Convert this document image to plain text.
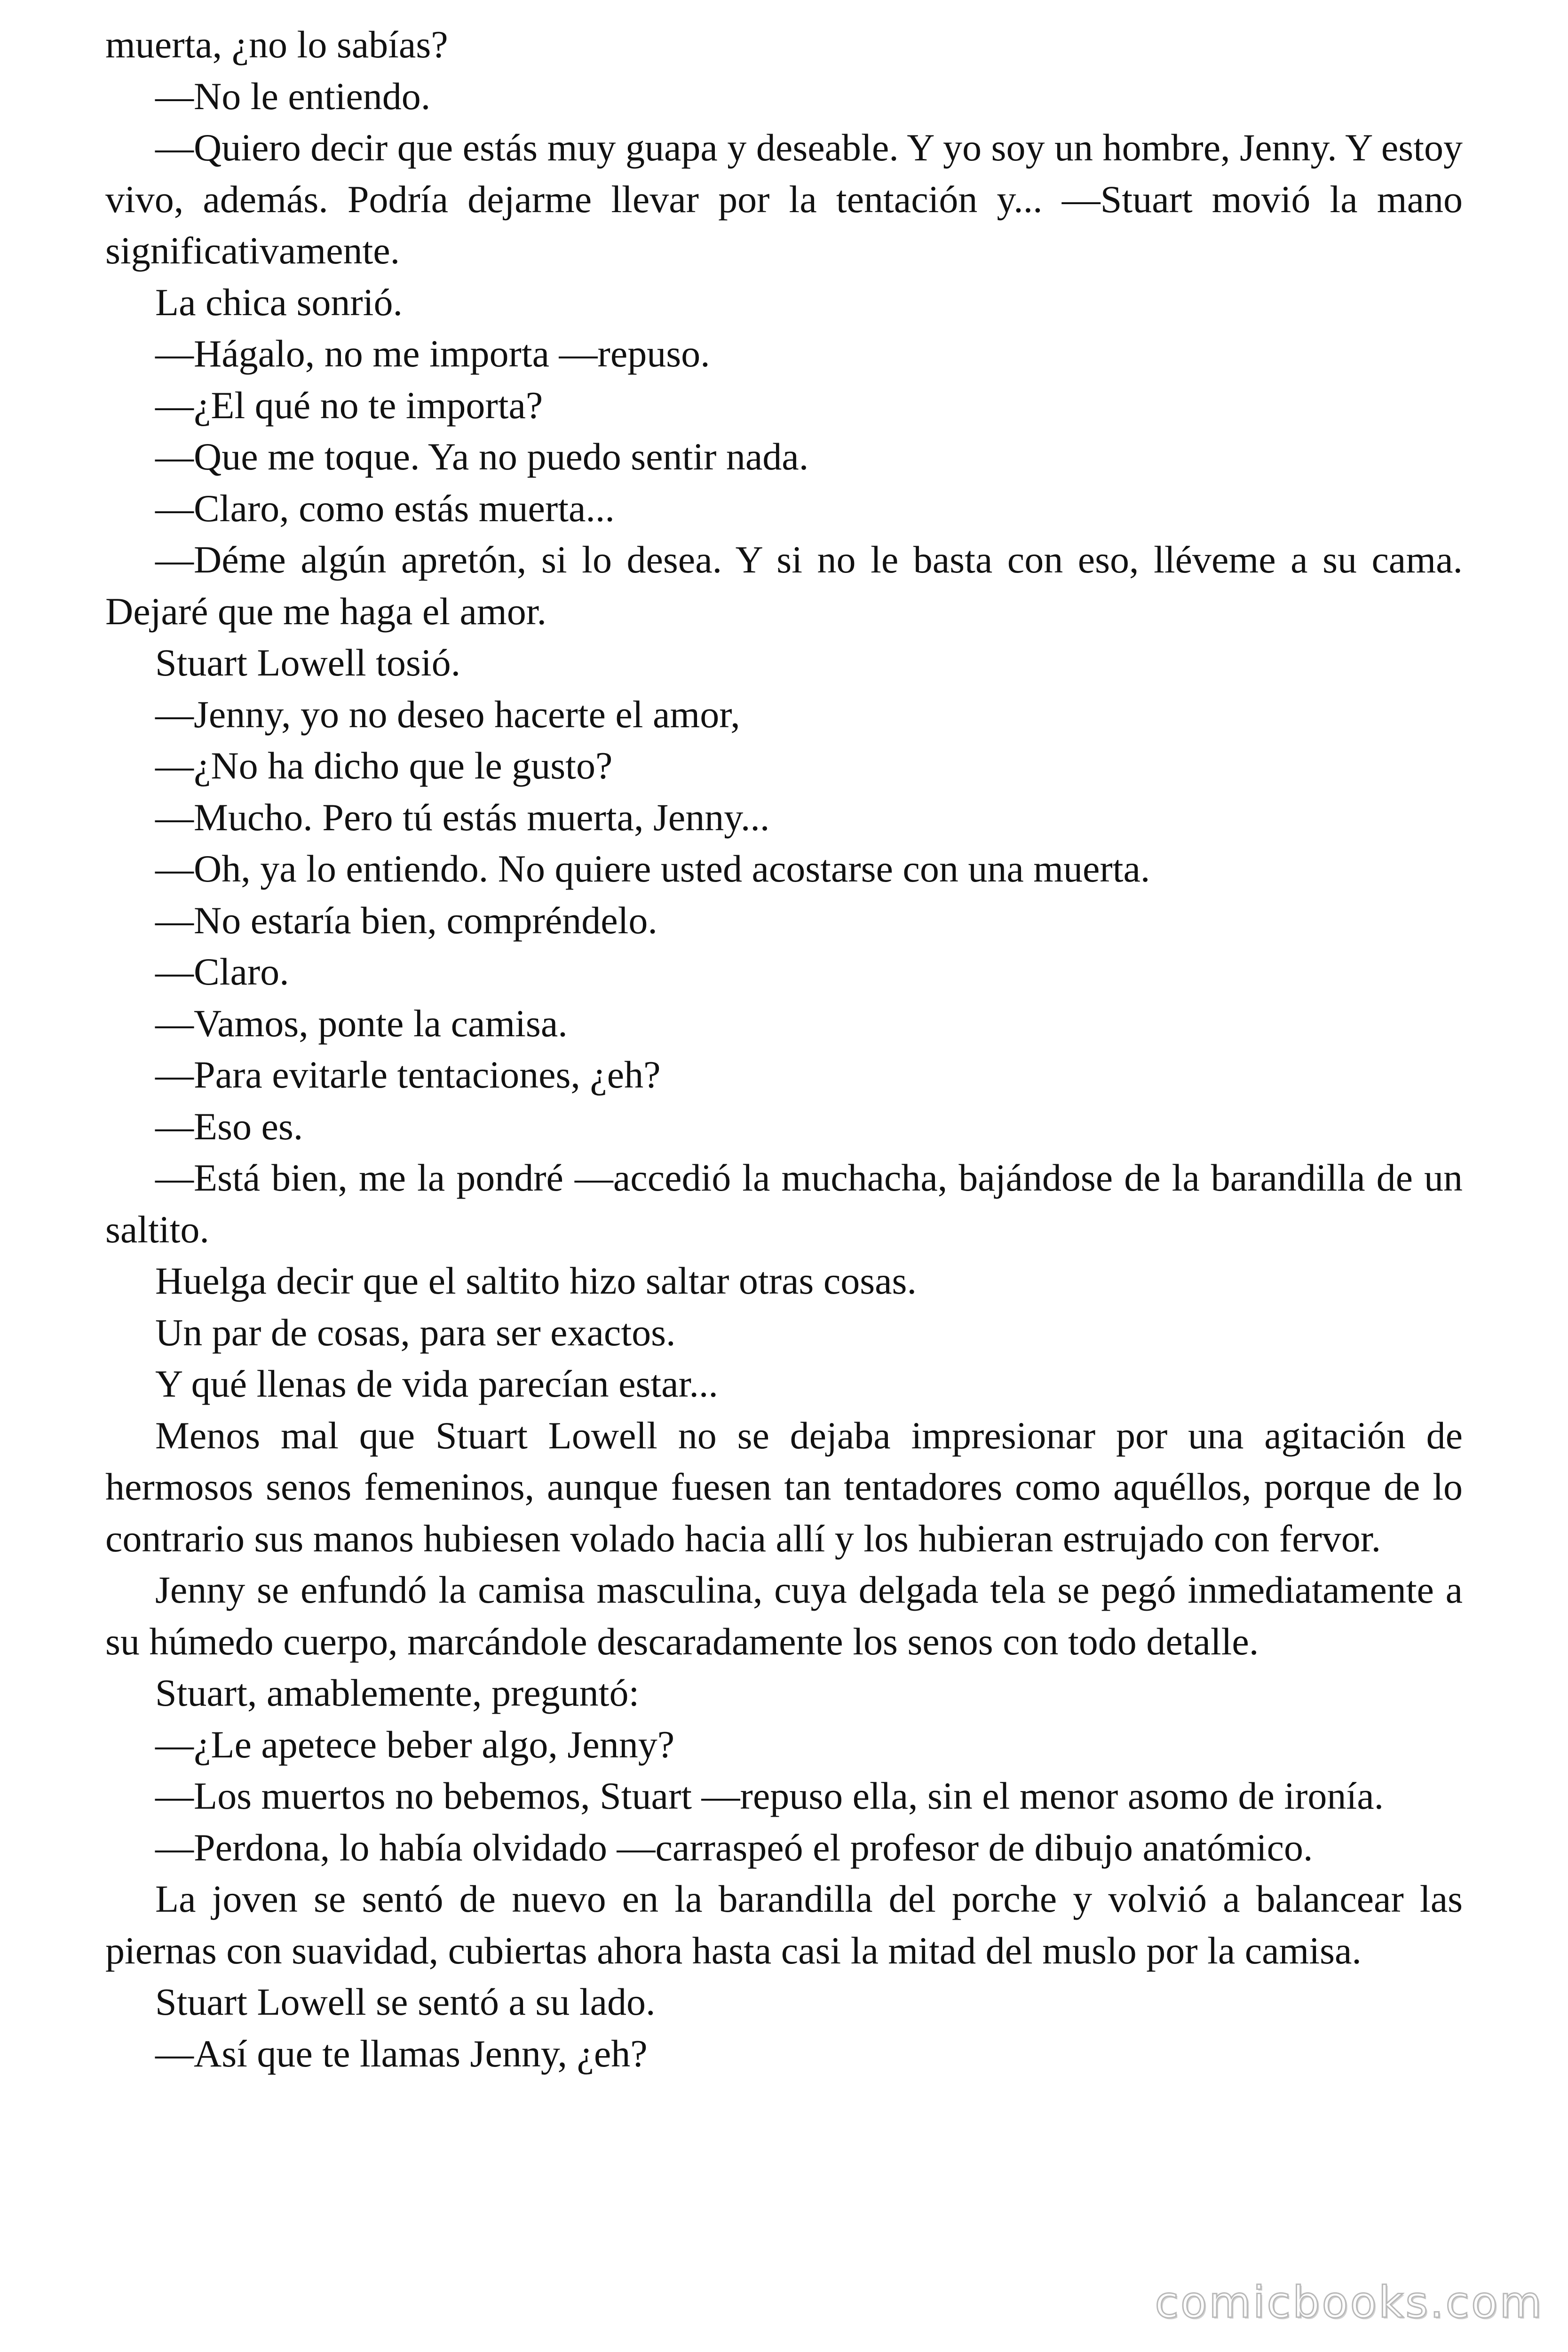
muerta, ¿no lo sabías?

—No le entiendo.

—Quiero decir que estás muy guapa y deseable. Y yo soy un hombre, Jenny. Y estoy vivo, además. Podría dejarme llevar por la tentación y... —Stuart movió la mano significativamente.

La chica sonrió.

—Hágalo, no me importa —repuso.

—¿El qué no te importa?

—Que me toque. Ya no puedo sentir nada.

—Claro, como estás muerta...

—Déme algún apretón, si lo desea. Y si no le basta con eso, lléveme a su cama. Dejaré que me haga el amor.

Stuart Lowell tosió.

—Jenny, yo no deseo hacerte el amor,

—¿No ha dicho que le gusto?

—Mucho. Pero tú estás muerta, Jenny...

—Oh, ya lo entiendo. No quiere usted acostarse con una muerta.

—No estaría bien, compréndelo.

—Claro.

—Vamos, ponte la camisa.

—Para evitarle tentaciones, ¿eh?

—Eso es.

—Está bien, me la pondré —accedió la muchacha, bajándose de la barandilla de un saltito.

Huelga decir que el saltito hizo saltar otras cosas.

Un par de cosas, para ser exactos.

Y qué llenas de vida parecían estar...

Menos mal que Stuart Lowell no se dejaba impresionar por una agitación de hermosos senos femeninos, aunque fuesen tan tentadores como aquéllos, porque de lo contrario sus manos hubiesen volado hacia allí y los hubieran estrujado con fervor.

Jenny se enfundó la camisa masculina, cuya delgada tela se pegó inmediatamente a su húmedo cuerpo, marcándole descaradamente los senos con todo detalle.

Stuart, amablemente, preguntó:

—¿Le apetece beber algo, Jenny?

—Los muertos no bebemos, Stuart —repuso ella, sin el menor asomo de ironía.

—Perdona, lo había olvidado —carraspeó el profesor de dibujo anatómico.

La joven se sentó de nuevo en la barandilla del porche y volvió a balancear las piernas con suavidad, cubiertas ahora hasta casi la mitad del muslo por la camisa.

Stuart Lowell se sentó a su lado.

—Así que te llamas Jenny, ¿eh?

comicbooks.com
